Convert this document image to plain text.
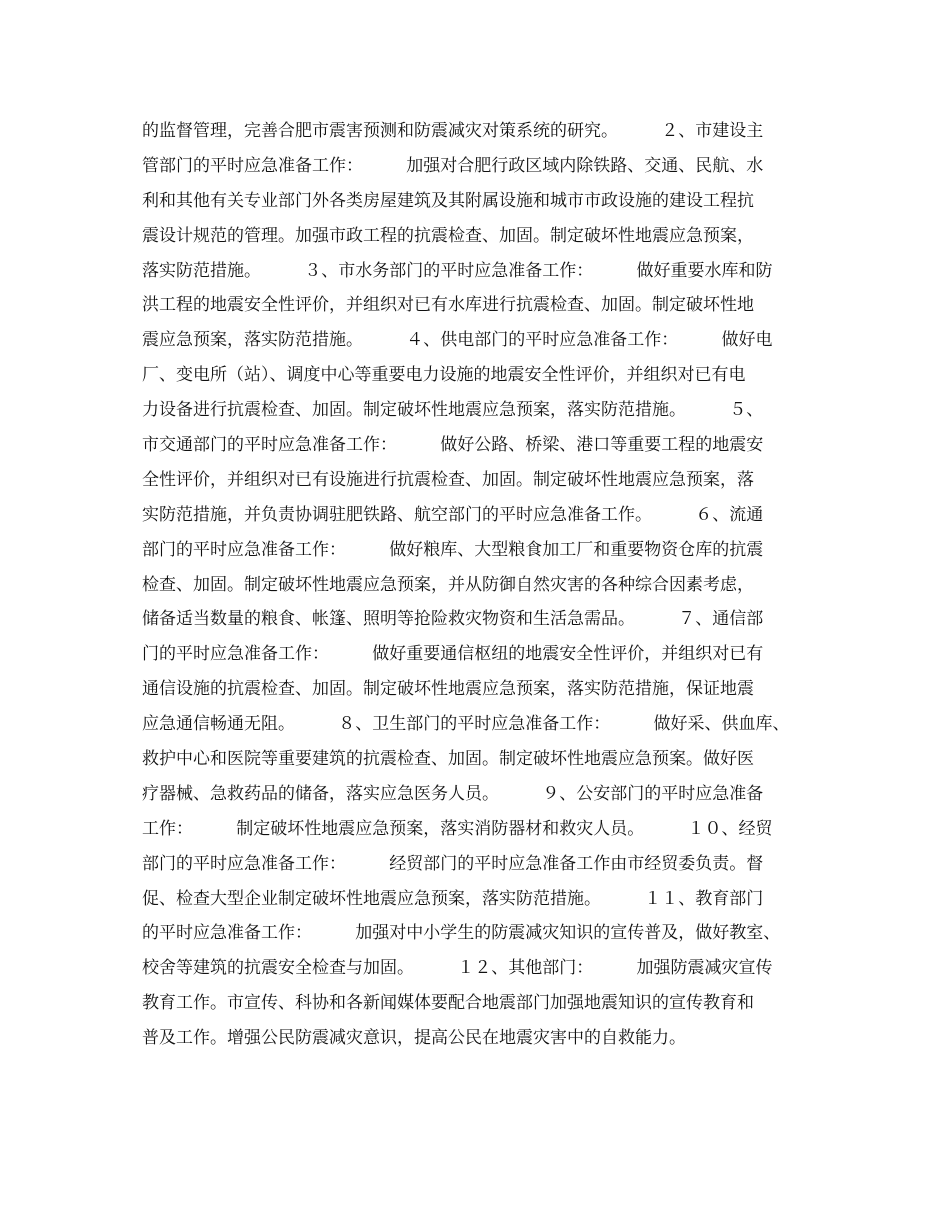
的监督管理，完善合肥市震害预测和防震减灾对策系统的研究。        ２、市建设主
管部门的平时应急准备工作：        加强对合肥行政区域内除铁路、交通、民航、水
利和其他有关专业部门外各类房屋建筑及其附属设施和城市市政设施的建设工程抗
震设计规范的管理。加强市政工程的抗震检查、加固。制定破坏性地震应急预案，
落实防范措施。        ３、市水务部门的平时应急准备工作：        做好重要水库和防
洪工程的地震安全性评价，并组织对已有水库进行抗震检查、加固。制定破坏性地
震应急预案，落实防范措施。        ４、供电部门的平时应急准备工作：        做好电
厂、变电所（站）、调度中心等重要电力设施的地震安全性评价，并组织对已有电
力设备进行抗震检查、加固。制定破坏性地震应急预案，落实防范措施。        ５、
市交通部门的平时应急准备工作：        做好公路、桥梁、港口等重要工程的地震安
全性评价，并组织对已有设施进行抗震检查、加固。制定破坏性地震应急预案，落
实防范措施，并负责协调驻肥铁路、航空部门的平时应急准备工作。        ６、流通
部门的平时应急准备工作：        做好粮库、大型粮食加工厂和重要物资仓库的抗震
检查、加固。制定破坏性地震应急预案，并从防御自然灾害的各种综合因素考虑，
储备适当数量的粮食、帐篷、照明等抢险救灾物资和生活急需品。        ７、通信部
门的平时应急准备工作：        做好重要通信枢纽的地震安全性评价，并组织对已有
通信设施的抗震检查、加固。制定破坏性地震应急预案，落实防范措施，保证地震
应急通信畅通无阻。        ８、卫生部门的平时应急准备工作：        做好采、供血库、
救护中心和医院等重要建筑的抗震检查、加固。制定破坏性地震应急预案。做好医
疗器械、急救药品的储备，落实应急医务人员。        ９、公安部门的平时应急准备
工作：        制定破坏性地震应急预案，落实消防器材和救灾人员。        １０、经贸
部门的平时应急准备工作：        经贸部门的平时应急准备工作由市经贸委负责。督
促、检查大型企业制定破坏性地震应急预案，落实防范措施。        １１、教育部门
的平时应急准备工作：        加强对中小学生的防震减灾知识的宣传普及，做好教室、
校舍等建筑的抗震安全检查与加固。        １２、其他部门：        加强防震减灾宣传
教育工作。市宣传、科协和各新闻媒体要配合地震部门加强地震知识的宣传教育和
普及工作。增强公民防震减灾意识，提高公民在地震灾害中的自救能力。
